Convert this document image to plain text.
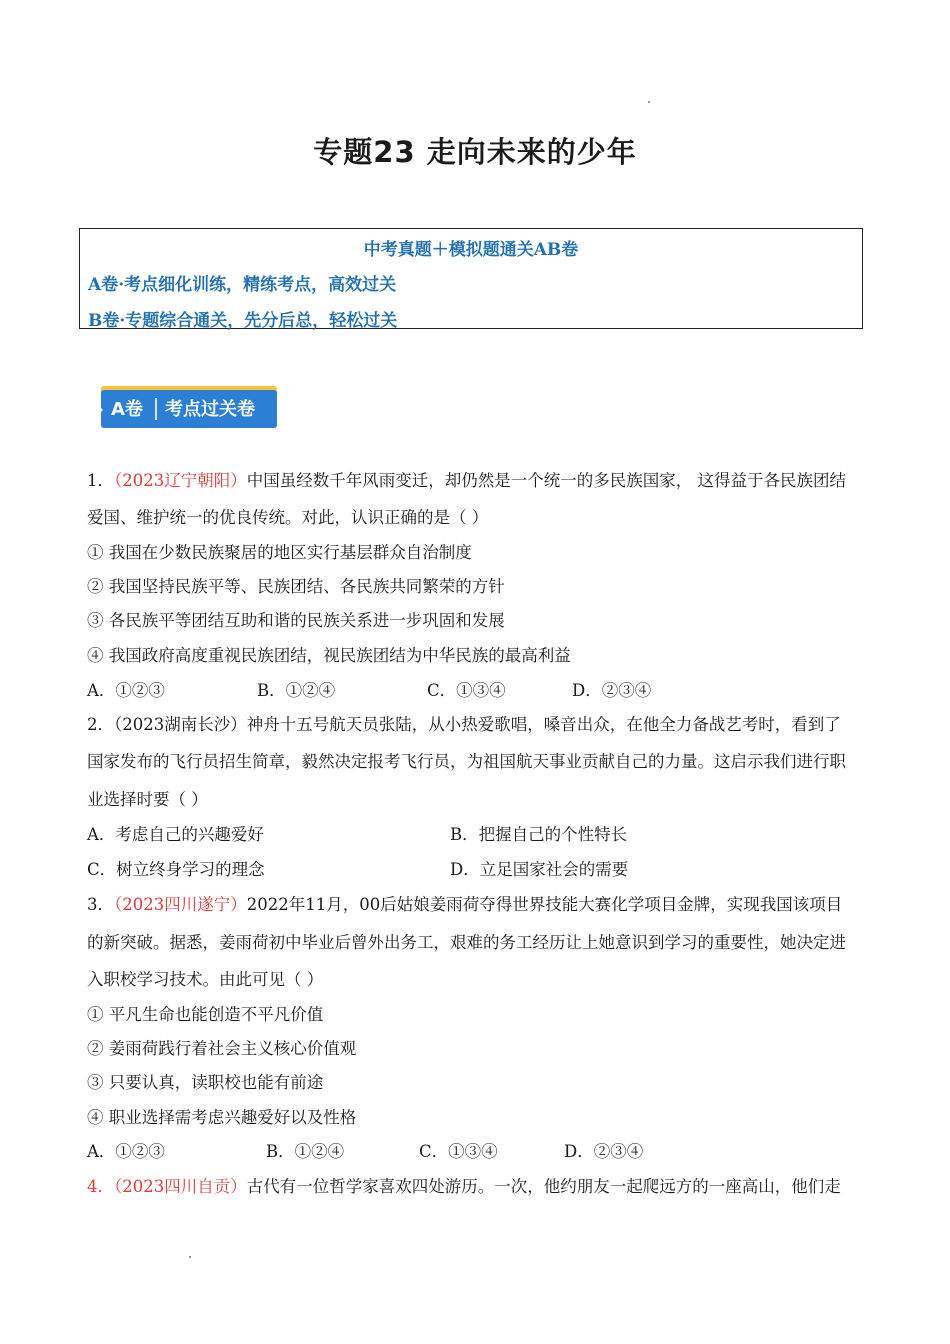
专题23 走向未来的少年
中考真题＋模拟题通关AB卷
A卷·考点细化训练，精练考点，高效过关
B卷·专题综合通关，先分后总，轻松过关
A卷 考点过关卷
1．（2023辽宁朝阳）中国虽经数千年风雨变迁，却仍然是一个统一的多民族国家， 这得益于各民族团结
爱国、维护统一的优良传统。对此，认识正确的是（ ）
① 我国在少数民族聚居的地区实行基层群众自治制度
② 我国坚持民族平等、民族团结、各民族共同繁荣的方针
③ 各民族平等团结互助和谐的民族关系进一步巩固和发展
④ 我国政府高度重视民族团结，视民族团结为中华民族的最高利益
A．①②③	B．①②④	C．①③④	D．②③④
2．（2023湖南长沙）神舟十五号航天员张陆，从小热爱歌唱，嗓音出众，在他全力备战艺考时，看到了
国家发布的飞行员招生简章，毅然决定报考飞行员，为祖国航天事业贡献自己的力量。这启示我们进行职
业选择时要（ ）
A．考虑自己的兴趣爱好	B．把握自己的个性特长
C．树立终身学习的理念	D．立足国家社会的需要
3．（2023四川遂宁）2022年11月，00后姑娘姜雨荷夺得世界技能大赛化学项目金牌，实现我国该项目
的新突破。据悉，姜雨荷初中毕业后曾外出务工，艰难的务工经历让上她意识到学习的重要性，她决定进
入职校学习技术。由此可见（ ）
① 平凡生命也能创造不平凡价值
② 姜雨荷践行着社会主义核心价值观
③ 只要认真，读职校也能有前途
④ 职业选择需考虑兴趣爱好以及性格
A．①②③	B．①②④	C．①③④	D．②③④
4．（2023四川自贡）古代有一位哲学家喜欢四处游历。一次，他约朋友一起爬远方的一座高山，他们走
